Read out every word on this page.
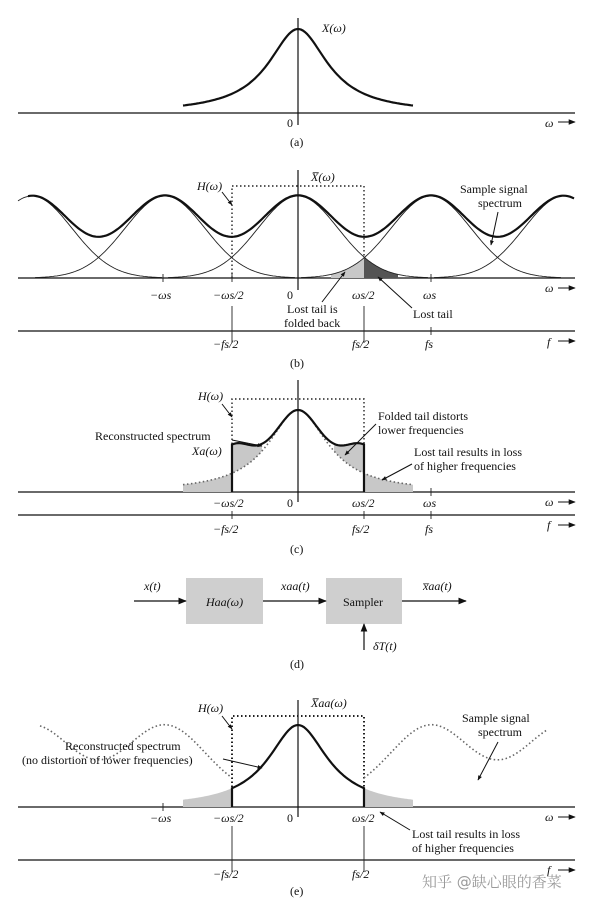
X(ω)
0	ω
(a)
H(ω)
X̅(ω)
Sample signal
spectrum
−ωs	−ωs/2	0	ωs/2	ωs	ω
Lost tail is
folded back
Lost tail
−fs/2	fs/2	fs	f
(b)
H(ω)
Reconstructed spectrum
Xa(ω)
Folded tail distorts
lower frequencies
Lost tail results in loss
of higher frequencies
−ωs/2	0	ωs/2	ωs	ω
−fs/2	fs/2	fs	f
(c)
x(t)
Haa(ω)
xaa(t)
Sampler
x̅aa(t)
δT(t)
(d)
H(ω)	X̅aa(ω)
Sample signal
spectrum
Reconstructed spectrum
(no distortion of lower frequencies)
−ωs	−ωs/2	0	ωs/2	ω
Lost tail results in loss
of higher frequencies
−fs/2	fs/2	f
(e)	知乎 @缺心眼的香菜
